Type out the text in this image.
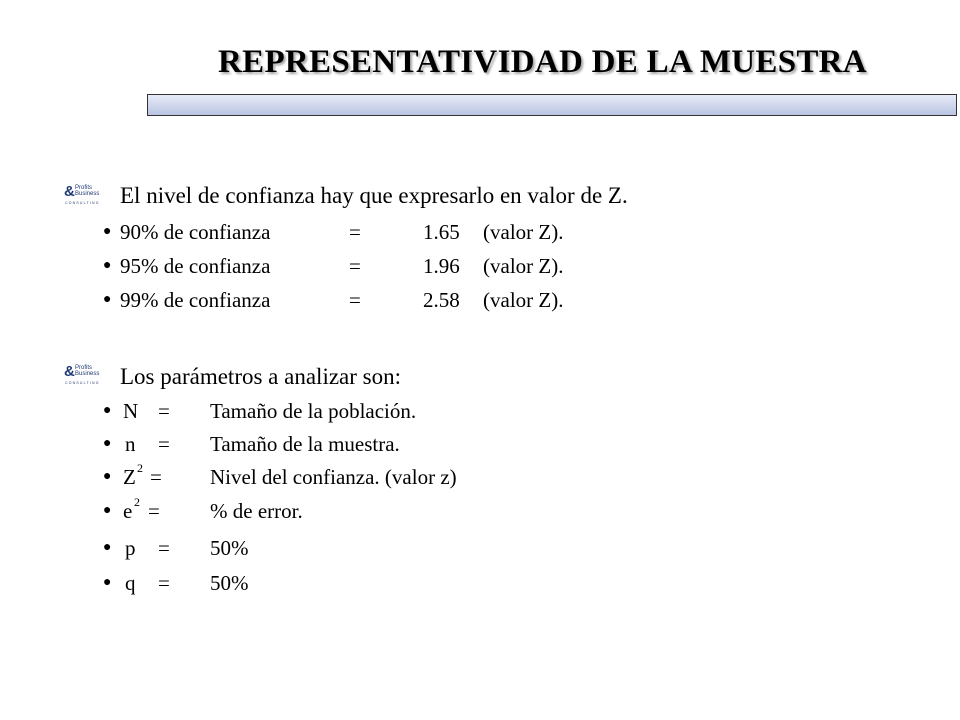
REPRESENTATIVIDAD DE LA MUESTRA
& Profits
Business
CONSULTING El nivel de confianza hay que expresarlo en valor de Z.
● 90% de confianza	=	1.65 (valor Z).
● 95% de confianza	=	1.96 (valor Z).
● 99% de confianza	=	2.58 (valor Z).
& Profits
Business
CONSULTING Los parámetros a analizar son:
● N = Tamaño de la población.
● n = Tamaño de la muestra.
● Z 2 = Nivel del confianza. (valor z)
● e 2 = % de error.
● p = 50%
● q = 50%
